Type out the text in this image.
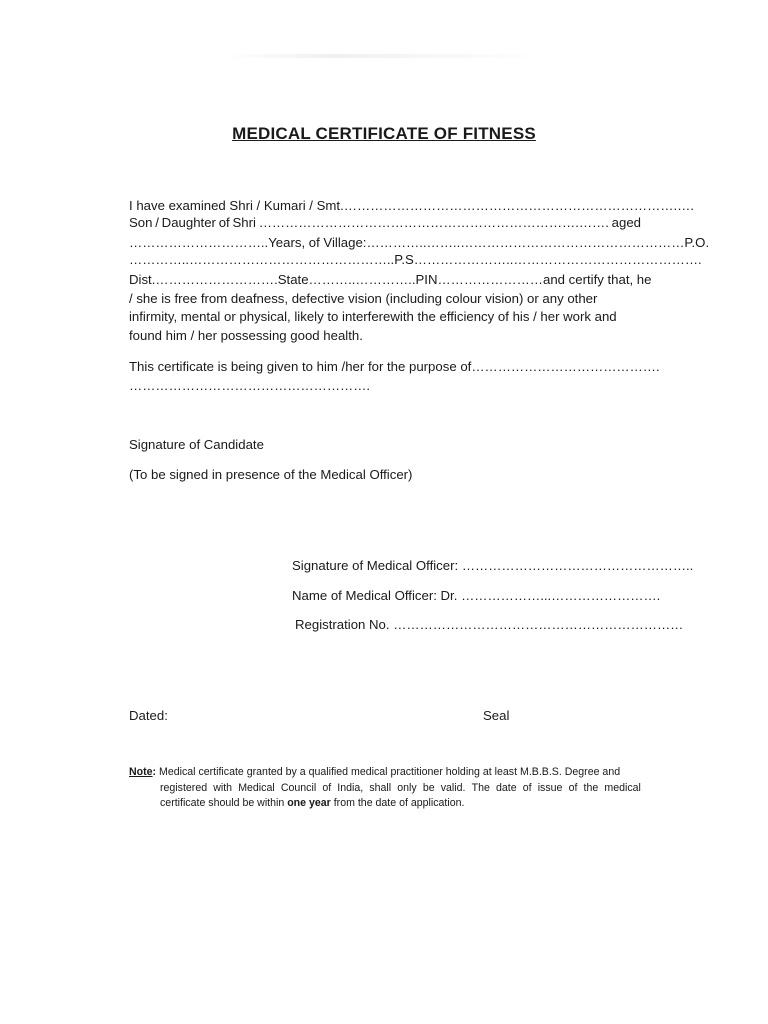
MEDICAL CERTIFICATE OF FITNESS
I have examined Shri / Kumari / Smt. ………………………………………………………………….….
Son / Daughter of Shri ……………………………………………………………….……. aged
………………………….. Years, of Village: …………..……..…………………………………………… P.O.
…………..……………………………………….. P.S …………………..…………………………………….
Dist.………………………. State ………..………….. PIN …………………… and certify that, he
/ she is free from deafness, defective vision (including colour vision) or any other
infirmity, mental or physical, likely to interferewith the efficiency of his / her work and
found him / her possessing good health.
This certificate is being given to him /her for the purpose of …………………………………….
……………………………………………….
Signature of Candidate
(To be signed in presence of the Medical Officer)
Signature of Medical Officer: ……………………………………………..
Name of Medical Officer: Dr. ………………...…………………….
Registration No. …………………………………………………………
Dated:	Seal
Note: Medical certificate granted by a qualified medical practitioner holding at least M.B.B.S. Degree and
registered with Medical Council of India, shall only be valid. The date of issue of the medical
certificate should be within one year from the date of application.
